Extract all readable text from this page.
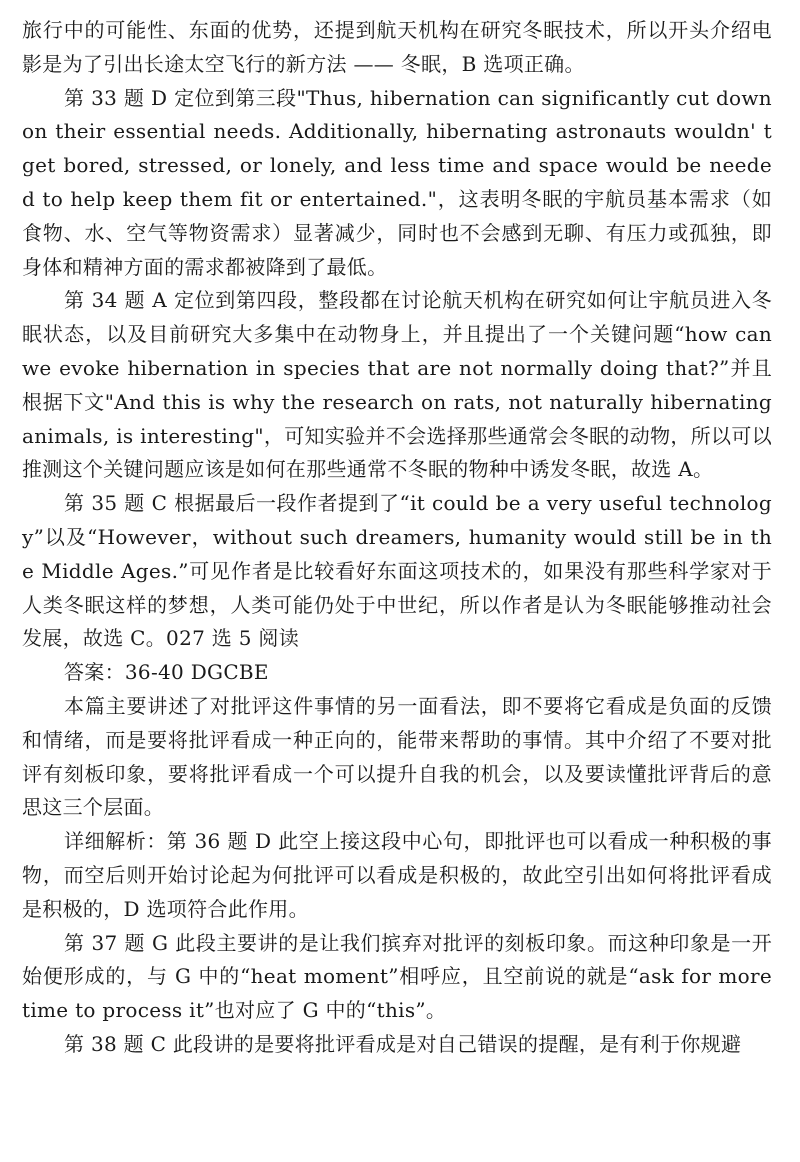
旅行中的可能性、东面的优势，还提到航天机构在研究冬眠技术，所以开头介绍电影是为了引出长途太空飞行的新方法 —— 冬眠，B 选项正确。

第 33 题 D 定位到第三段"Thus, hibernation can significantly cut down on their essential needs. Additionally, hibernating astronauts wouldn' t get bored, stressed, or lonely, and less time and space would be needed to help keep them fit or entertained."，这表明冬眠的宇航员基本需求（如食物、水、空气等物资需求）显著减少，同时也不会感到无聊、有压力或孤独，即身体和精神方面的需求都被降到了最低。

第 34 题 A 定位到第四段，整段都在讨论航天机构在研究如何让宇航员进入冬眠状态，以及目前研究大多集中在动物身上，并且提出了一个关键问题“how can we evoke hibernation in species that are not normally doing that?”并且根据下文"And this is why the research on rats, not naturally hibernating animals, is interesting"，可知实验并不会选择那些通常会冬眠的动物，所以可以推测这个关键问题应该是如何在那些通常不冬眠的物种中诱发冬眠，故选 A。

第 35 题 C 根据最后一段作者提到了“it could be a very useful technology”以及“However，without such dreamers, humanity would still be in the Middle Ages.”可见作者是比较看好东面这项技术的，如果没有那些科学家对于人类冬眠这样的梦想，人类可能仍处于中世纪，所以作者是认为冬眠能够推动社会发展，故选 C。027 选 5 阅读

答案：36-40 DGCBE

本篇主要讲述了对批评这件事情的另一面看法，即不要将它看成是负面的反馈和情绪，而是要将批评看成一种正向的，能带来帮助的事情。其中介绍了不要对批评有刻板印象，要将批评看成一个可以提升自我的机会，以及要读懂批评背后的意思这三个层面。

详细解析：第 36 题 D 此空上接这段中心句，即批评也可以看成一种积极的事物，而空后则开始讨论起为何批评可以看成是积极的，故此空引出如何将批评看成是积极的，D 选项符合此作用。

第 37 题 G 此段主要讲的是让我们摈弃对批评的刻板印象。而这种印象是一开始便形成的，与 G 中的“heat moment”相呼应，且空前说的就是“ask for more time to process it”也对应了 G 中的“this”。

第 38 题 C 此段讲的是要将批评看成是对自己错误的提醒，是有利于你规避
